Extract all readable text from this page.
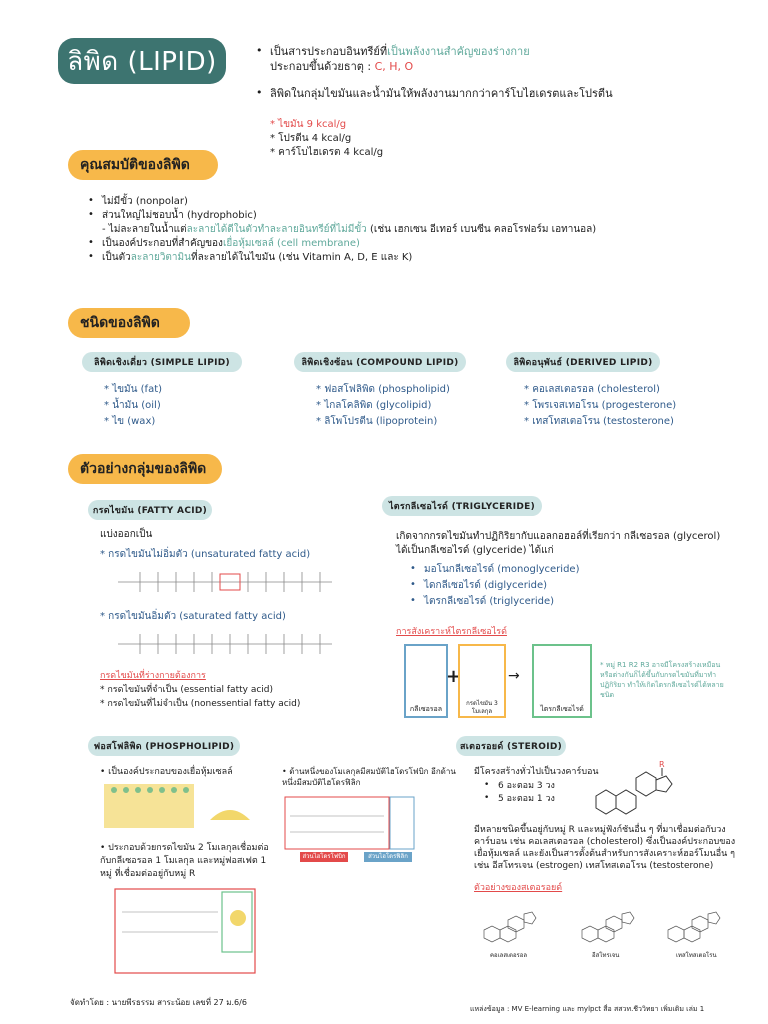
ลิพิด (LIPID)
•	เป็นสารประกอบอินทรีย์ที่เป็นพลังงานสำคัญของร่างกาย
ประกอบขึ้นด้วยธาตุ : C, H, O
• ลิพิดในกลุ่มไขมันและน้ำมันให้พลังงานมากกว่าคาร์โบไฮเดรตและโปรตีน
* ไขมัน 9 kcal/g
* โปรตีน 4 kcal/g
* คาร์โบไฮเดรต 4 kcal/g
คุณสมบัติของลิพิด
• ไม่มีขั้ว (nonpolar)
• ส่วนใหญ่ไม่ชอบน้ำ (hydrophobic)
- ไม่ละลายในน้ำแต่ละลายได้ดีในตัวทำละลายอินทรีย์ที่ไม่มีขั้ว (เช่น เฮกเซน อีเทอร์ เบนซีน คลอโรฟอร์ม เอทานอล)
• เป็นองค์ประกอบที่สำคัญของเยื่อหุ้มเซลล์ (cell membrane)
• เป็นตัวละลายวิตามินที่ละลายได้ในไขมัน (เช่น Vitamin A, D, E และ K)
ชนิดของลิพิด
ลิพิดเชิงเดี่ยว (SIMPLE LIPID)
* ไขมัน (fat)
* น้ำมัน (oil)
* ไข (wax)
ลิพิดเชิงซ้อน (COMPOUND LIPID)
* ฟอสโฟลิพิด (phospholipid)
* ไกลโคลิพิด (glycolipid)
* ลิโพโปรตีน (lipoprotein)
ลิพิดอนุพันธ์ (DERIVED LIPID)
* คอเลสเตอรอล (cholesterol)
* โพรเจสเทอโรน (progesterone)
* เทสโทสเตอโรน (testosterone)
ตัวอย่างกลุ่มของลิพิด
กรดไขมัน (FATTY ACID)
แบ่งออกเป็น
* กรดไขมันไม่อิ่มตัว (unsaturated fatty acid)
* กรดไขมันอิ่มตัว (saturated fatty acid)
กรดไขมันที่ร่างกายต้องการ
* กรดไขมันที่จำเป็น (essential fatty acid)
* กรดไขมันที่ไม่จำเป็น (nonessential fatty acid)
ไตรกลีเซอไรด์ (TRIGLYCERIDE)
เกิดจากกรดไขมันทำปฏิกิริยากับแอลกอฮอล์ที่เรียกว่า กลีเซอรอล (glycerol)
ได้เป็นกลีเซอไรด์ (glyceride) ได้แก่
• มอโนกลีเซอไรด์ (monoglyceride)
• ไดกลีเซอไรด์ (diglyceride)
• ไตรกลีเซอไรด์ (triglyceride)
การสังเคราะห์ไตรกลีเซอไรด์
กลีเซอรอล
+
กรดไขมัน 3 โมเลกุล
→
ไตรกลีเซอไรด์
* หมู่ R1 R2 R3 อาจมีโครงสร้างเหมือนหรือต่างกันก็ได้ขึ้นกับกรดไขมันที่มาทำปฏิกิริยา ทำให้เกิดไตรกลีเซอไรด์ได้หลายชนิด
ฟอสโฟลิพิด (PHOSPHOLIPID)
• เป็นองค์ประกอบของเยื่อหุ้มเซลล์
• ประกอบด้วยกรดไขมัน 2 โมเลกุลเชื่อมต่อกับกลีเซอรอล 1 โมเลกุล และหมู่ฟอสเฟต 1 หมู่ ที่เชื่อมต่ออยู่กับหมู่ R
• ด้านหนึ่งของโมเลกุลมีสมบัติไฮโดรโฟบิก อีกด้านหนึ่งมีสมบัติไฮโดรฟิลิก
ส่วนไฮโดรโฟบิก	ส่วนไฮโดรฟิลิก
สเตอรอยด์ (STEROID)
มีโครงสร้างทั่วไปเป็นวงคาร์บอน
• 6 อะตอม 3 วง
• 5 อะตอม 1 วง
R
มีหลายชนิดขึ้นอยู่กับหมู่ R และหมู่ฟังก์ชันอื่น ๆ ที่มาเชื่อมต่อกับวงคาร์บอน เช่น คอเลสเตอรอล (cholesterol) ซึ่งเป็นองค์ประกอบของเยื่อหุ้มเซลล์ และยังเป็นสารตั้งต้นสำหรับการสังเคราะห์ฮอร์โมนอื่น ๆ เช่น อีสโทรเจน (estrogen) เทสโทสเตอโรน (testosterone)
ตัวอย่างของสเตอรอยด์
คอเลสเตอรอล	อีสโทรเจน	เทสโทสเตอโรน
จัดทำโดย : นายพีรธรรม สาระน้อย เลขที่ 27 ม.6/6
แหล่งข้อมูล : MV E-learning และ mylpct สื่อ สสวท.ชีววิทยา เพิ่มเติม เล่ม 1
